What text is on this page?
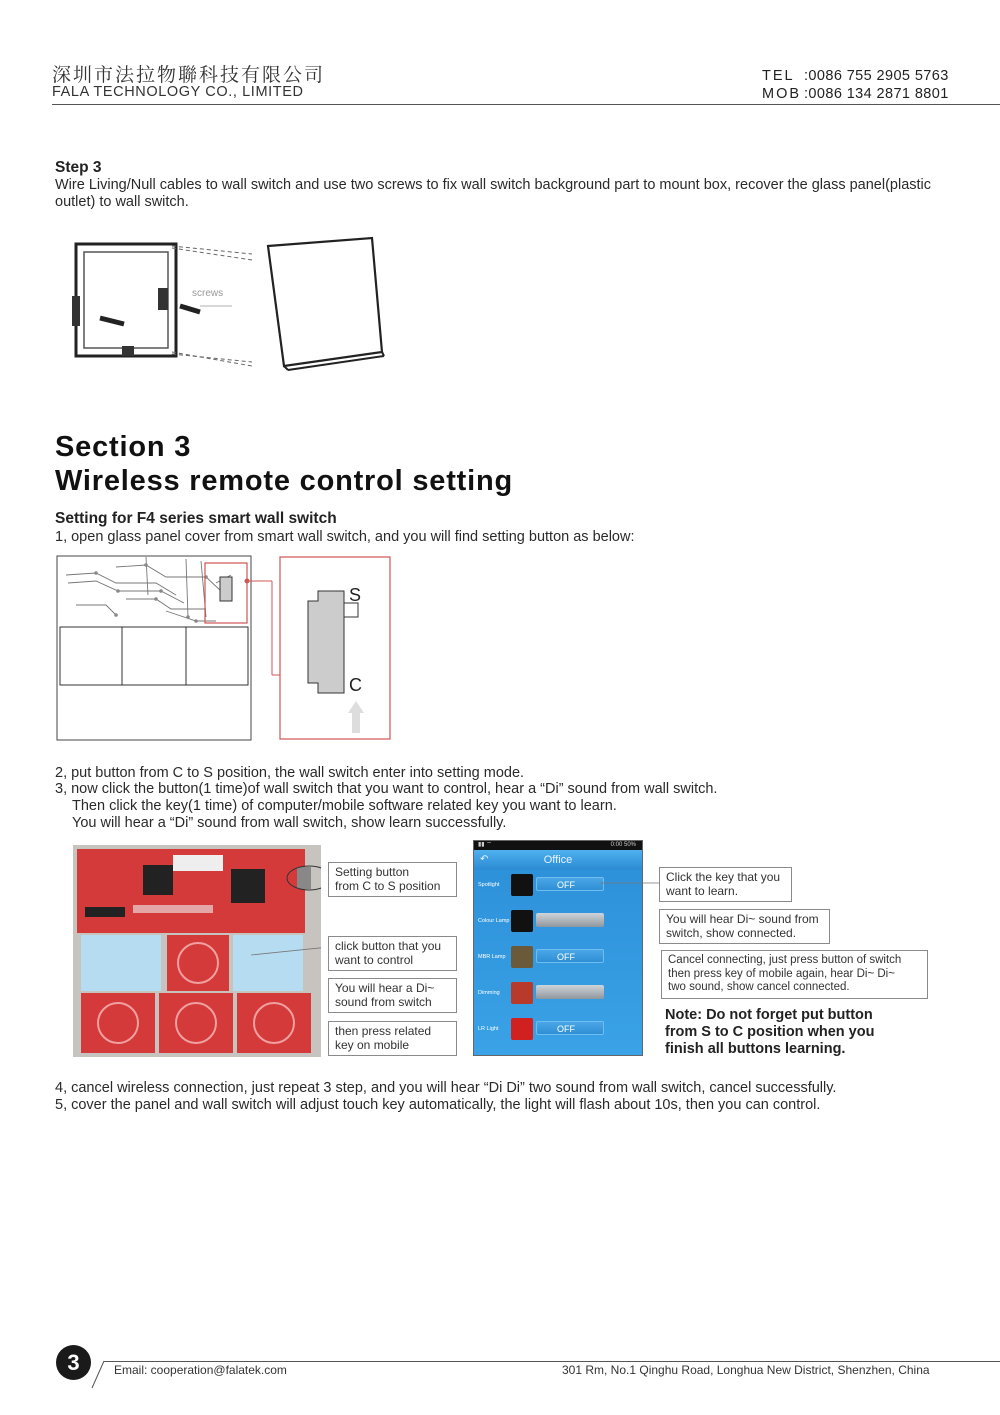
深圳市法拉物聯科技有限公司
FALA TECHNOLOGY CO., LIMITED
TEL :0086 755 2905 5763
MOB :0086 134 2871 8801
Step 3
Wire Living/Null cables to wall switch and use two screws to fix wall switch background part to mount box, recover the glass panel(plastic outlet) to wall switch.
screws
Section 3
Wireless remote control setting
Setting for F4 series smart wall switch
1, open glass panel cover from smart wall switch, and you will find setting button as below:
S
C
2, put button from C to S position, the wall switch enter into setting mode.
3, now click the button(1 time)of wall switch that you want to control, hear a “Di” sound from wall switch.
Then click the key(1 time) of computer/mobile software related key you want to learn.
You will hear a “Di” sound from wall switch, show learn successfully.
Setting button
from C to S position
click button that you
want to control
You will hear a Di~
sound from switch
then press related
key on mobile
0:00 50%
▮▮ ⌔
↶	Office
Spotlight	OFF
Colour Lamp
MBR Lamp	OFF
Dimming
LR Light	OFF
Click the key that you
want to learn.
You will hear Di~ sound from
switch, show connected.
Cancel connecting, just press button of switch
then press key of mobile again, hear Di~ Di~
two sound, show cancel connected.
Note: Do not forget put button
from S to C position when you
finish all buttons learning.
4, cancel wireless connection, just repeat 3 step, and you will hear “Di Di” two sound from wall switch, cancel successfully.
5, cover the panel and wall switch will adjust touch key automatically, the light will flash about 10s, then you can control.
3	Email: cooperation@falatek.com	301 Rm, No.1 Qinghu Road, Longhua New District, Shenzhen, China
